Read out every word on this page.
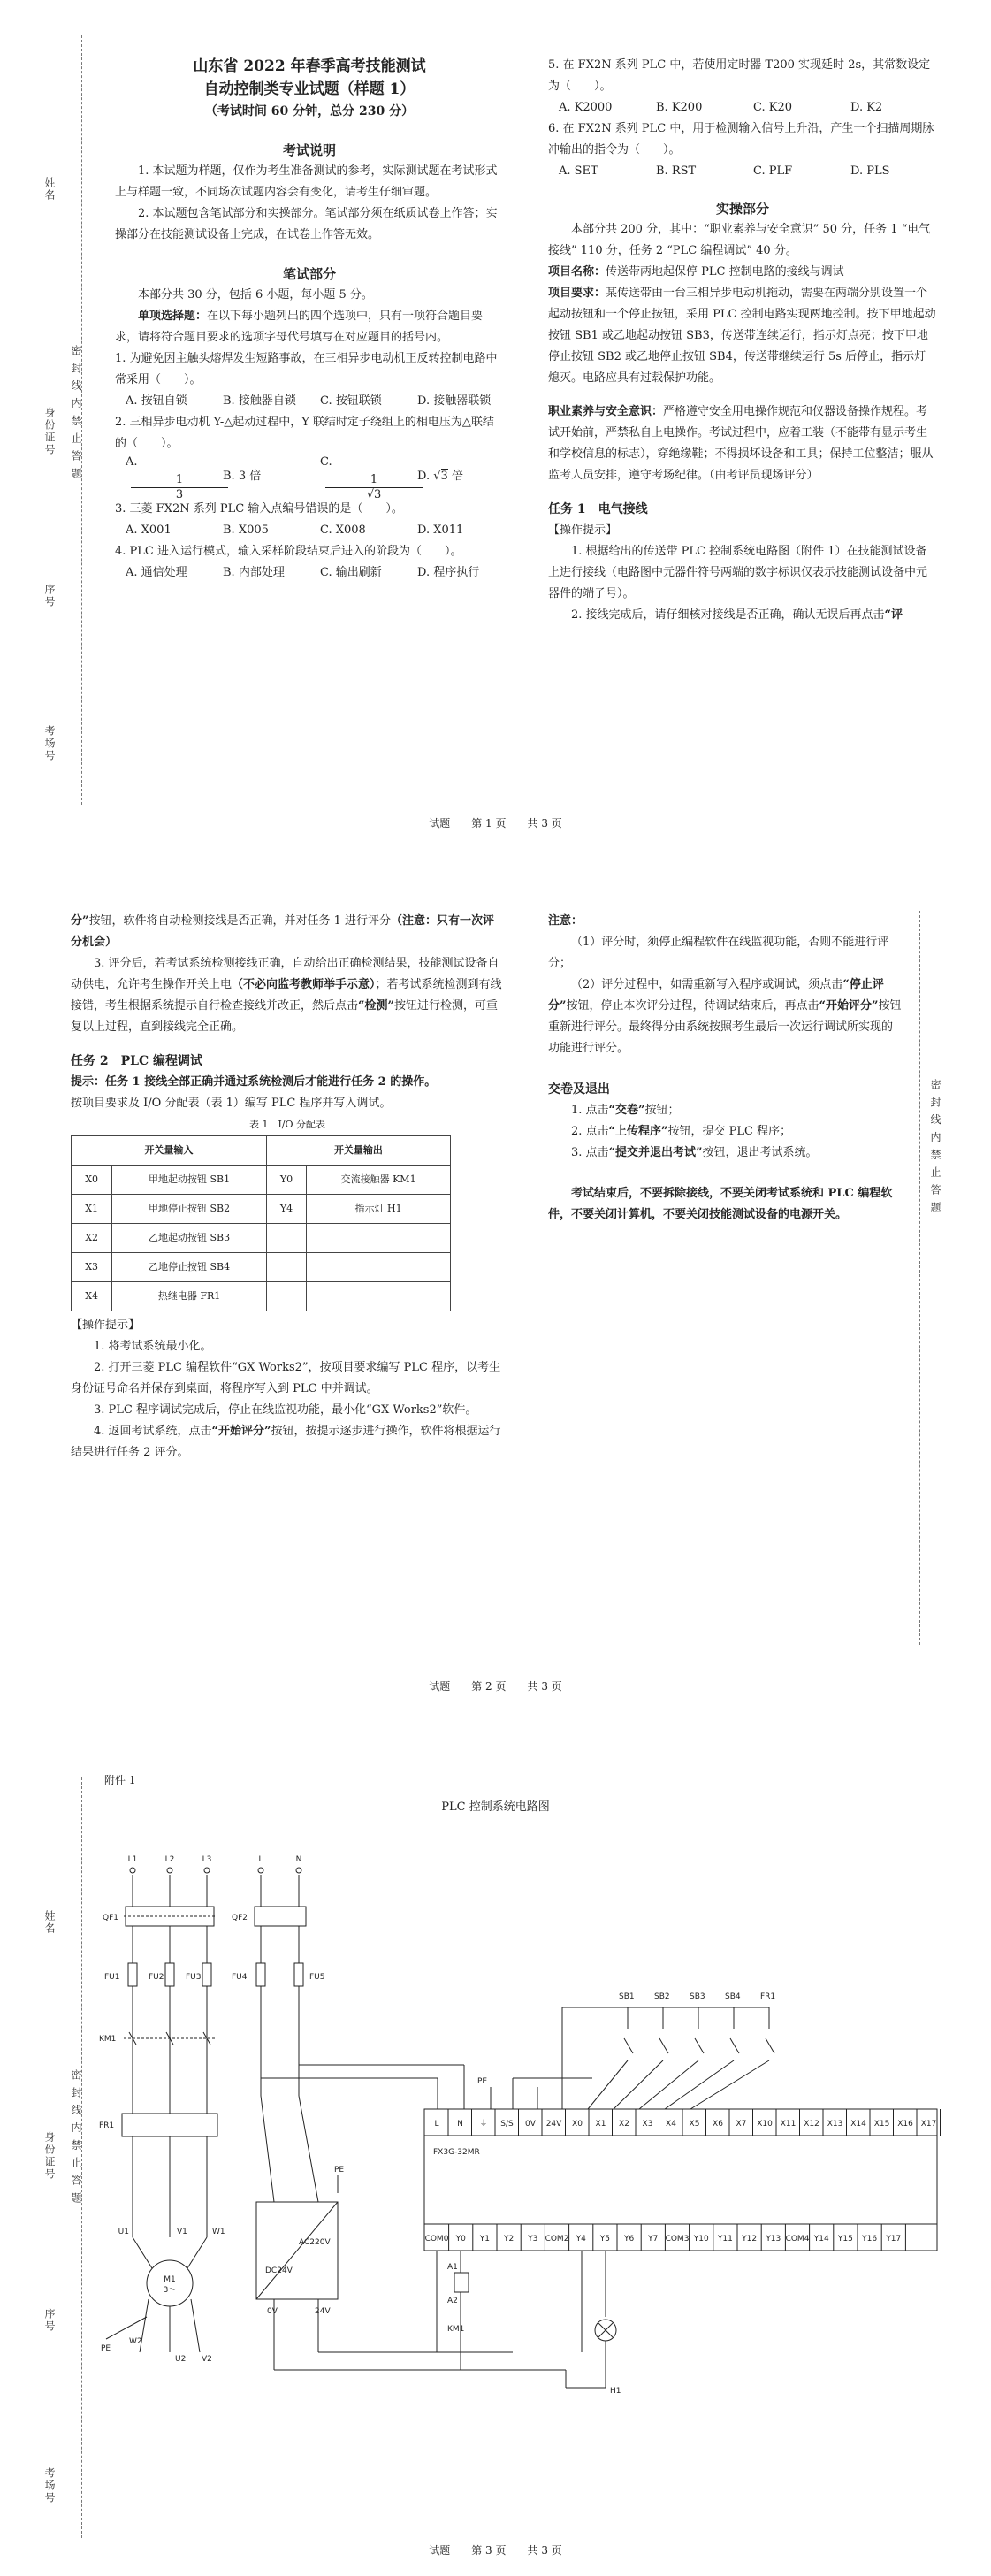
姓名
身份证号
序号
考场号
密 封 线 内 禁 止 答 题

山东省 2022 年春季高考技能测试

自动控制类专业试题（样题 1）

（考试时间 60 分钟，总分 230 分）

考试说明

1. 本试题为样题，仅作为考生准备测试的参考，实际测试题在考试形式上与样题一致，不同场次试题内容会有变化，请考生仔细审题。

2. 本试题包含笔试部分和实操部分。笔试部分须在纸质试卷上作答；实操部分在技能测试设备上完成，在试卷上作答无效。

笔试部分

本部分共 30 分，包括 6 小题，每小题 5 分。

单项选择题：在以下每小题列出的四个选项中，只有一项符合题目要求，请将符合题目要求的选项字母代号填写在对应题目的括号内。

1. 为避免因主触头熔焊发生短路事故，在三相异步电动机正反转控制电路中常采用（　　）。

A. 按钮自锁	B. 接触器自锁	C. 按钮联锁	D. 接触器联锁

2. 三相异步电动机 Y-△起动过程中，Y 联结时定子绕组上的相电压为△联结的（　　）。

A.
$\frac{1}{3}$
B. 3 倍
C.
$\frac{1}{√3}$
D. √3 倍

3. 三菱 FX2N 系列 PLC 输入点编号错误的是（　　）。

A. X001	B. X005	C. X008	D. X011

4. PLC 进入运行模式，输入采样阶段结束后进入的阶段为（　　）。

A. 通信处理	B. 内部处理	C. 输出刷新	D. 程序执行

5. 在 FX2N 系列 PLC 中，若使用定时器 T200 实现延时 2s，其常数设定为（　　）。

A. K2000	B. K200	C. K20	D. K2

6. 在 FX2N 系列 PLC 中，用于检测输入信号上升沿，产生一个扫描周期脉冲输出的指令为（　　）。

A. SET	B. RST	C. PLF	D. PLS

实操部分

本部分共 200 分，其中：“职业素养与安全意识” 50 分，任务 1 “电气接线” 110 分，任务 2 “PLC 编程调试” 40 分。

项目名称：传送带两地起保停 PLC 控制电路的接线与调试

项目要求：某传送带由一台三相异步电动机拖动，需要在两端分别设置一个起动按钮和一个停止按钮，采用 PLC 控制电路实现两地控制。按下甲地起动按钮 SB1 或乙地起动按钮 SB3，传送带连续运行，指示灯点亮；按下甲地停止按钮 SB2 或乙地停止按钮 SB4，传送带继续运行 5s 后停止，指示灯熄灭。电路应具有过载保护功能。

职业素养与安全意识：严格遵守安全用电操作规范和仪器设备操作规程。考试开始前，严禁私自上电操作。考试过程中，应着工装（不能带有显示考生和学校信息的标志），穿绝缘鞋；不得损坏设备和工具；保持工位整洁；服从监考人员安排，遵守考场纪律。（由考评员现场评分）

任务 1　电气接线

【操作提示】

1. 根据给出的传送带 PLC 控制系统电路图（附件 1）在技能测试设备上进行接线（电路图中元器件符号两端的数字标识仅表示技能测试设备中元器件的端子号）。

2. 接线完成后，请仔细核对接线是否正确，确认无误后再点击“评

试题　　第 1 页　　共 3 页
密 封 线 内 禁 止 答 题

分”按钮，软件将自动检测接线是否正确，并对任务 1 进行评分（注意：只有一次评分机会）

3. 评分后，若考试系统检测接线正确，自动给出正确检测结果，技能测试设备自动供电，允许考生操作开关上电（不必向监考教师举手示意）；若考试系统检测到有线接错，考生根据系统提示自行检查接线并改正，然后点击“检测”按钮进行检测，可重复以上过程，直到接线完全正确。

任务 2　PLC 编程调试

提示：任务 1 接线全部正确并通过系统检测后才能进行任务 2 的操作。

按项目要求及 I/O 分配表（表 1）编写 PLC 程序并写入调试。

表 1　I/O 分配表

开关量输入		开关量输出	
X0	甲地起动按钮 SB1	Y0	交流接触器 KM1
X1	甲地停止按钮 SB2	Y4	指示灯 H1
X2	乙地起动按钮 SB3		
X3	乙地停止按钮 SB4		
X4	热继电器 FR1		

【操作提示】

1. 将考试系统最小化。

2. 打开三菱 PLC 编程软件“GX Works2”，按项目要求编写 PLC 程序，以考生身份证号命名并保存到桌面，将程序写入到 PLC 中并调试。

3. PLC 程序调试完成后，停止在线监视功能，最小化“GX Works2”软件。

4. 返回考试系统，点击“开始评分”按钮，按提示逐步进行操作，软件将根据运行结果进行任务 2 评分。

注意：

（1）评分时，须停止编程软件在线监视功能，否则不能进行评分；

（2）评分过程中，如需重新写入程序或调试，须点击“停止评分”按钮，停止本次评分过程，待调试结束后，再点击“开始评分”按钮重新进行评分。最终得分由系统按照考生最后一次运行调试所实现的功能进行评分。

交卷及退出

1. 点击“交卷”按钮；

2. 点击“上传程序”按钮，提交 PLC 程序；

3. 点击“提交并退出考试”按钮，退出考试系统。

考试结束后，不要拆除接线，不要关闭考试系统和 PLC 编程软件，不要关闭计算机，不要关闭技能测试设备的电源开关。

试题　　第 2 页　　共 3 页
姓名
身份证号
序号
考场号
密 封 线 内 禁 止 答 题
附件 1
PLC 控制系统电路图
L1	L2	L3	L	N
QF1	QF2
FU1	FU2	FU3	FU4	FU5
KM1
FR1
U1	V1	W1
M1
3～
W2
U2 V2
PE
PE
PE
AC220V
DC24V
0V	24V
FX3G-32MR
A1
A2
KM1
H1
SB1 SB2 SB3 SB4 FR1
L N ⏚ S/S 0V 24V X0 X1 X2 X3 X4 X5 X6 X7 X10 X11 X12 X13 X14 X15 X16 X17
COM0 Y0 Y1 Y2 Y3 COM2 Y4 Y5 Y6 Y7 COM3 Y10 Y11 Y12 Y13 COM4 Y14 Y15 Y16 Y17
试题　　第 3 页　　共 3 页
